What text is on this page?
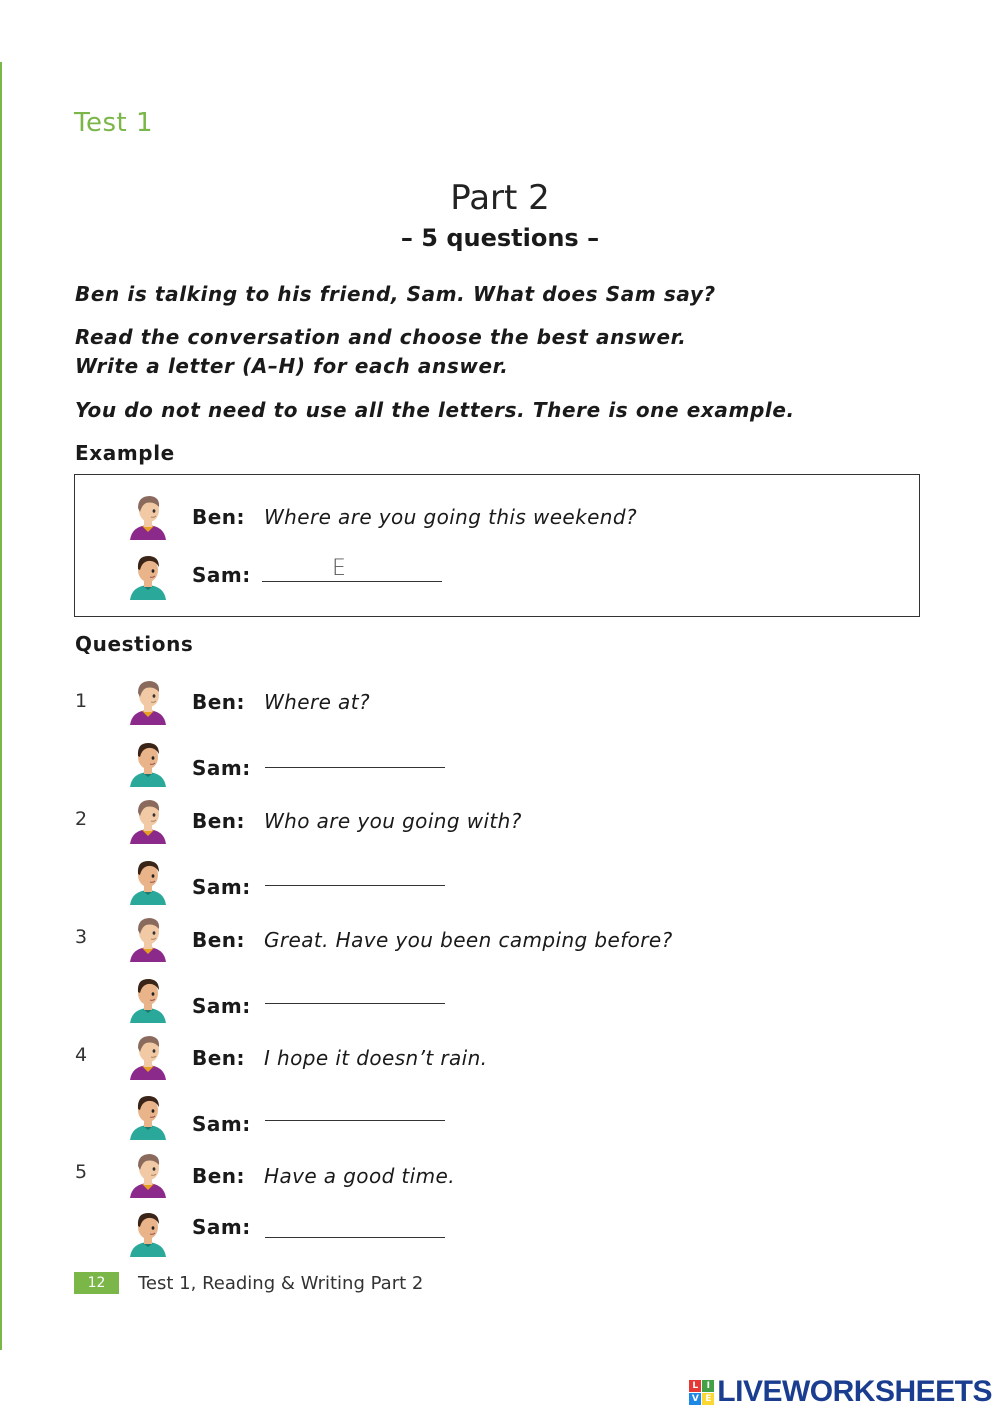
Test 1
Part 2
– 5 questions –
Ben is talking to his friend, Sam. What does Sam say?
Read the conversation and choose the best answer.
Write a letter (A–H) for each answer.
You do not need to use all the letters. There is one example.
Example
Ben: Where are you going this weekend?
Sam:	E
Questions
1	Ben: Where at?
Sam:
2	Ben: Who are you going with?
Sam:
3	Ben: Great. Have you been camping before?
Sam:
4	Ben: I hope it doesn’t rain.
Sam:
5	Ben: Have a good time.
Sam:
12	Test 1, Reading & Writing Part 2
L I
V E LIVEWORKSHEETS
